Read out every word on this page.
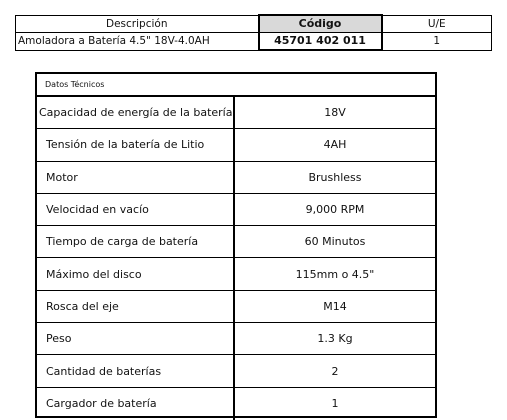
Descripción	Código	U/E
Amoladora a Batería 4.5" 18V-4.0AH	45701 402 011	1
Datos Técnicos
Capacidad de energía de la batería	18V
Tensión de la batería de Litio	4AH
Motor	Brushless
Velocidad en vacío	9,000 RPM
Tiempo de carga de batería	60 Minutos
Máximo del disco	115mm o 4.5"
Rosca del eje	M14
Peso	1.3 Kg
Cantidad de baterías	2
Cargador de batería	1
